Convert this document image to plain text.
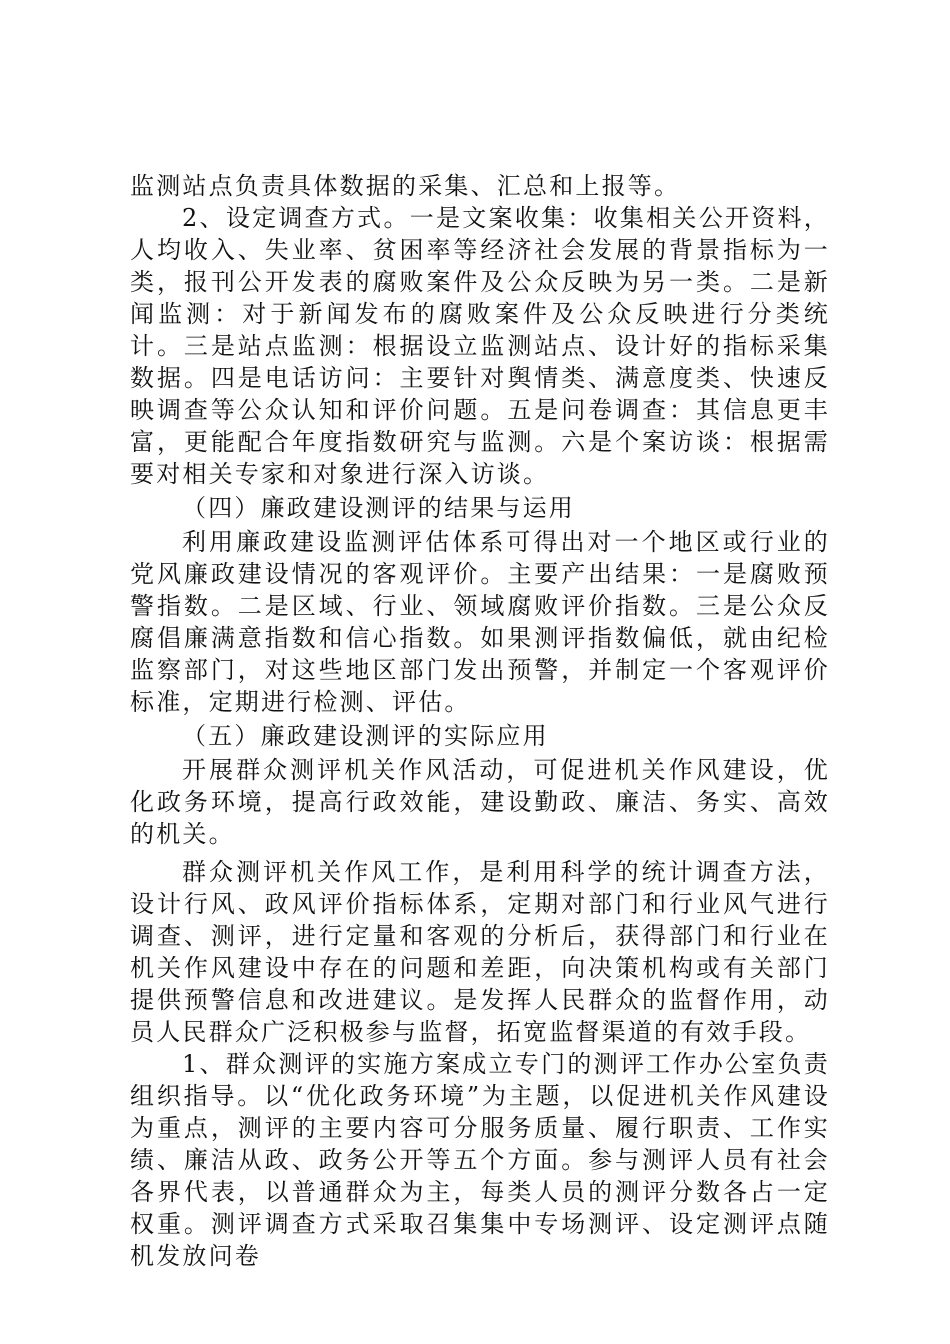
监测站点负责具体数据的采集、汇总和上报等。

2、设定调查方式。一是文案收集：收集相关公开资料，人均收入、失业率、贫困率等经济社会发展的背景指标为一类，报刊公开发表的腐败案件及公众反映为另一类。二是新闻监测：对于新闻发布的腐败案件及公众反映进行分类统计。三是站点监测：根据设立监测站点、设计好的指标采集数据。四是电话访问：主要针对舆情类、满意度类、快速反映调查等公众认知和评价问题。五是问卷调查：其信息更丰富，更能配合年度指数研究与监测。六是个案访谈：根据需要对相关专家和对象进行深入访谈。

（四）廉政建设测评的结果与运用

利用廉政建设监测评估体系可得出对一个地区或行业的党风廉政建设情况的客观评价。主要产出结果：一是腐败预警指数。二是区域、行业、领域腐败评价指数。三是公众反腐倡廉满意指数和信心指数。如果测评指数偏低，就由纪检监察部门，对这些地区部门发出预警，并制定一个客观评价标准，定期进行检测、评估。

（五）廉政建设测评的实际应用

开展群众测评机关作风活动，可促进机关作风建设，优化政务环境，提高行政效能，建设勤政、廉洁、务实、高效的机关。

群众测评机关作风工作，是利用科学的统计调查方法，设计行风、政风评价指标体系，定期对部门和行业风气进行调查、测评，进行定量和客观的分析后，获得部门和行业在机关作风建设中存在的问题和差距，向决策机构或有关部门提供预警信息和改进建议。是发挥人民群众的监督作用，动员人民群众广泛积极参与监督，拓宽监督渠道的有效手段。

1、群众测评的实施方案成立专门的测评工作办公室负责组织指导。以“优化政务环境”为主题，以促进机关作风建设为重点，测评的主要内容可分服务质量、履行职责、工作实绩、廉洁从政、政务公开等五个方面。参与测评人员有社会各界代表，以普通群众为主，每类人员的测评分数各占一定权重。测评调查方式采取召集集中专场测评、设定测评点随机发放问卷
